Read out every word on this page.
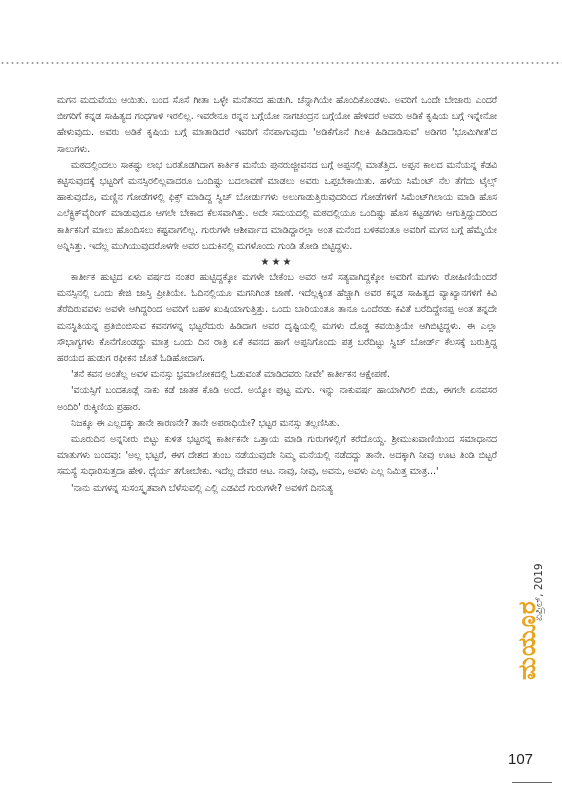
ಮಗನ ಮದುವೆಯು ಆಯಿತು. ಬಂದ ಸೊಸೆ ಗೀತಾ ಒಳ್ಳೇ ಮನೆತನದ ಹುಡುಗಿ. ಚೆನ್ನಾಗಿಯೇ ಹೊಂದಿಕೊಂಡಳು. ಅವರಿಗೆ ಒಂದೇ ಬೇಜಾರು ಎಂದರೆ ಬೀಗರಿಗೆ ಕನ್ನಡ ಸಾಹಿತ್ಯದ ಗಂಧಗಾಳಿ ಇರಲಿಲ್ಲ. ಇವರೇನೂ ರನ್ನನ ಬಗ್ಗೆಯೋ ನಾಗಚಂದ್ರನ ಬಗ್ಗೆಯೋ ಹೇಳಿದರೆ ಅವರು ಅಡಿಕೆ ಕೃಷಿಯ ಬಗ್ಗೆ ಇನ್ನೇನೋ ಹೇಳುವುದು. ಅವರು ಅಡಿಕೆ ಕೃಷಿಯ ಬಗ್ಗೆ ಮಾತಾಡಿದರೆ ಇವರಿಗೆ ನೆನಪಾಗುವುದು 'ಅಡಿಕೆಗೊನೆ ಗಿಲಕಿ ಹಿಡಿದಾಡಿಸುವ' ಅಡಿಗರ 'ಭೂಮಿಗೀತ'ದ ಸಾಲುಗಳು.

ಮಠದಲ್ಲಿಂದಲು ಸಾಕಷ್ಟು ಲಾಭ ಬರತೊಡಗಿದಾಗ ಕಾರ್ತಿಕ ಮನೆಯ ಪುನರುಜ್ಜೀವನದ ಬಗ್ಗೆ ಅಪ್ಪನಲ್ಲಿ ಮಾತೆತ್ತಿದ. ಅಪ್ಪನ ಕಾಲದ ಮನೆಯನ್ನ ಕೆಡವಿ ಕಟ್ಟಿಸುವುದಕ್ಕೆ ಭಟ್ಟರಿಗೆ ಮನಸ್ಸಿರಲಿಲ್ಲವಾದರೂ ಒಂದಿಷ್ಟು ಬದಲಾವಣೆ ಮಾಡಲು ಅವರು ಒಪ್ಪಬೇಕಾಯಿತು. ಹಳೆಯ ಸಿಮೆಂಟ್ ನೆಲ ತೆಗೆದು ಟೈಲ್ಸ್ ಹಾಕುವುದೊ, ಮಣ್ಣಿನ ಗೋಡೆಗಳಲ್ಲಿ ಫಿಕ್ಸ್ ಮಾಡಿದ್ದ ಸ್ವಿಚ್ ಬೋರ್ಡುಗಳು ಅಲುಗಾಡುತ್ತಿರುವುದರಿಂದ ಗೋಡೆಗಳಿಗೆ ಸಿಮೆಂಟ್‌ಗಿಲಾಯ ಮಾಡಿ ಹೊಸ ಎಲೆಕ್ಟ್ರಿಕ್‌ವೈರಿಂಗ್ ಮಾಡುವುದೂ ಆಗಲೇ ಬೇಕಾದ ಕೆಲಸವಾಗಿತ್ತು. ಅದೇ ಸಮಯದಲ್ಲಿ ಮಠದಲ್ಲಿಯೂ ಒಂದಿಷ್ಟು ಹೊಸ ಕಟ್ಟಡಗಳು ಆಗುತ್ತಿದ್ದುದರಿಂದ ಕಾರ್ತಿಕನಿಗೆ ಮಾಲು ಹೊಂದಿಸಲು ಕಷ್ಟವಾಗಲಿಲ್ಲ. ಗುರುಗಳೇ ಆಶೀರ್ವಾದ ಮಾಡಿದ್ದಾರಲ್ಲಾ ಅಂತ ಮನೆಂದ ಬಳಿಕವಂತೂ ಅವರಿಗೆ ಮಗನ ಬಗ್ಗೆ ಹೆಮ್ಮೆಯೇ ಅನ್ನಿಸಿತ್ತು. ಇದೆಲ್ಲ ಮುಗಿಯುವುದರೊಳಗೇ ಅವರ ಬದುಕಿನಲ್ಲಿ ಮಗಳೊಂದು ಗುಂಡಿ ತೋಡಿ ಬಿಟ್ಟಿದ್ದಳು.

★★★

ಕಾರ್ತೀಕ ಹುಟ್ಟಿದ ಏಳು ವರ್ಷದ ನಂತರ ಹುಟ್ಟಿದ್ದಕ್ಕೋ ಮಗಳೇ ಬೇಕೆಂಬ ಅವರ ಆಸೆ ಸತ್ಯವಾಗಿದ್ದಕ್ಕೋ ಅವರಿಗೆ ಮಗಳು ರೋಹಿಣಿಯೆಂದರೆ ಮನಸ್ಸಿನಲ್ಲಿ ಒಂದು ಕೇಜಿ ಜಾಸ್ತಿ ಪ್ರೀತಿಯೇ. ಓದಿನಲ್ಲಿಯೂ ಮಗನಿಗಿಂತ ಜಾಣೆ. ಇದೆಲ್ಲಕ್ಕಿಂತ ಹೆಚ್ಚಾಗಿ ಅವರ ಕನ್ನಡ ಸಾಹಿತ್ಯದ ವ್ಯಾಖ್ಯಾನಗಳಿಗೆ ಕಿವಿ ತೆರೆದಿರುವವಳು ಅವಳೇ ಆಗಿದ್ದರಿಂದ ಅವರಿಗೆ ಬಹಳ ಖುಷಿಯಾಗುತ್ತಿತ್ತು. ಒಂದು ಬಾರಿಯಂತೂ ತಾನೂ ಒಂದೆರಡು ಕವಿತೆ ಬರೆದಿದ್ದೇನಪ್ಪ ಅಂತ ತನ್ನದೇ ಮನಸ್ಥಿತಿಯನ್ನ ಪ್ರತಿಬಿಂಬಿಸುವ ಕವನಗಳನ್ನ ಭಟ್ಟರೆದುರು ಹಿಡಿದಾಗ ಅವರ ದೃಷ್ಟಿಯಲ್ಲಿ ಮಗಳು ದೊಡ್ಡ ಕವಯಿತ್ರಿಯೇ ಆಗಿಬಿಟ್ಟಿದ್ದಳು. ಈ ಎಲ್ಲಾ ಸೌಭಾಗ್ಯಗಳು ಕೊನೆಗೊಂಡದ್ದು ಮಾತ್ರ ಒಂದು ದಿನ ರಾತ್ರಿ ಏಕೆ ಕವನದ ಹಾಗೆ ಅಪ್ಪನಿಗೊಂದು ಪತ್ರ ಬರೆದಿಟ್ಟು ಸ್ವಿಚ್ ಬೋರ್ಡ್ ಕೆಲಸಕ್ಕೆ ಬರುತ್ತಿದ್ದ ಹರಯದ ಹುಡುಗ ರಫೀಕನ ಜೊತೆ ಓಡಿಹೋದಾಗ.

'ತನೆ ಕವನ ಅಂತೆಲ್ಲ ಅವಳ ಮನಸ್ಸು ಭ್ರಮಾಲೋಕದಲ್ಲಿ ಓಡುವಂತೆ ಮಾಡಿದವರು ನೀವೇ' ಕಾರ್ತೀಕನ ಆಕ್ಷೇಪಣೆ.

'ವಯಸ್ಸಿಗೆ ಬಂದಕೂಡ್ಲೆ ನಾಕು ಕಡೆ ಜಾತಕ ಕೊಡಿ ಅಂದೆ. ಅಯ್ಯೋ ಪುಟ್ಟ ಮಗು. ಇನ್ನು ನಾಕುವರ್ಷ ಹಾಯಾಗಿರಲಿ ಬಿಡು, ಈಗಲೇ ಏನವಸರ ಅಂದಿರಿ' ರುಕ್ಮಿಣಿಯ ಪ್ರಹಾರ.

ನಿಜಕ್ಕೂ ಈ ಎಲ್ಲದಕ್ಕು ತಾನೇ ಕಾರಣನೇ? ತಾನೇ ಅಪರಾಧಿಯೇ? ಭಟ್ಟರ ಮನಸ್ಸು ತಲ್ಲಣಿಸಿತು.

ಮೂರುದಿನ ಅನ್ನನೀರು ಬಿಟ್ಟು ಕುಳಿತ ಭಟ್ಟರನ್ನ ಕಾರ್ತೀಕನೇ ಒತ್ತಾಯ ಮಾಡಿ ಗುರುಗಳಲ್ಲಿಗೆ ಕರೆದೊಯ್ದ. ಶ್ರೀಮುಖವಾಣಿಯಿಂದ ಸಮಾಧಾನದ ಮಾತುಗಳು ಬಂದವು: 'ಅಲ್ಲ ಭಟ್ಟರೆ, ಈಗ ದೇಶದ ತುಂಬ ನಡೆಯುವುದೇ ನಿಮ್ಮ ಮನೆಯಲ್ಲಿ ನಡೆದದ್ದು ತಾನೇ. ಅದಕ್ಕಾಗಿ ನೀವು ಊಟ ತಿಂಡಿ ಬಿಟ್ಟರೆ ಸಮಸ್ಯೆ ಸುಧಾರಿಸುತ್ತದಾ ಹೇಳಿ. ಧೈರ್ಯ ತಗೋಬೇಕು. ಇದೆಲ್ಲ ದೇವರ ಆಟ. ನಾವು, ನೀವು, ಅವನು, ಅವಳು ಎಲ್ಲ ನಿಮಿತ್ತ ಮಾತ್ರ...'

'ನಾನು ಮಗಳನ್ನ ಸುಸಂಸ್ಕೃತವಾಗಿ ಬೆಳೆಸುವಲ್ಲಿ ಎಲ್ಲಿ ಎಡವಿದೆ ಗುರುಗಳೇ? ಅವಳಿಗೆ ದಿನನಿತ್ಯ

ಮಯೂರ
ಏಪ್ರಿಲ್, 2019
107
